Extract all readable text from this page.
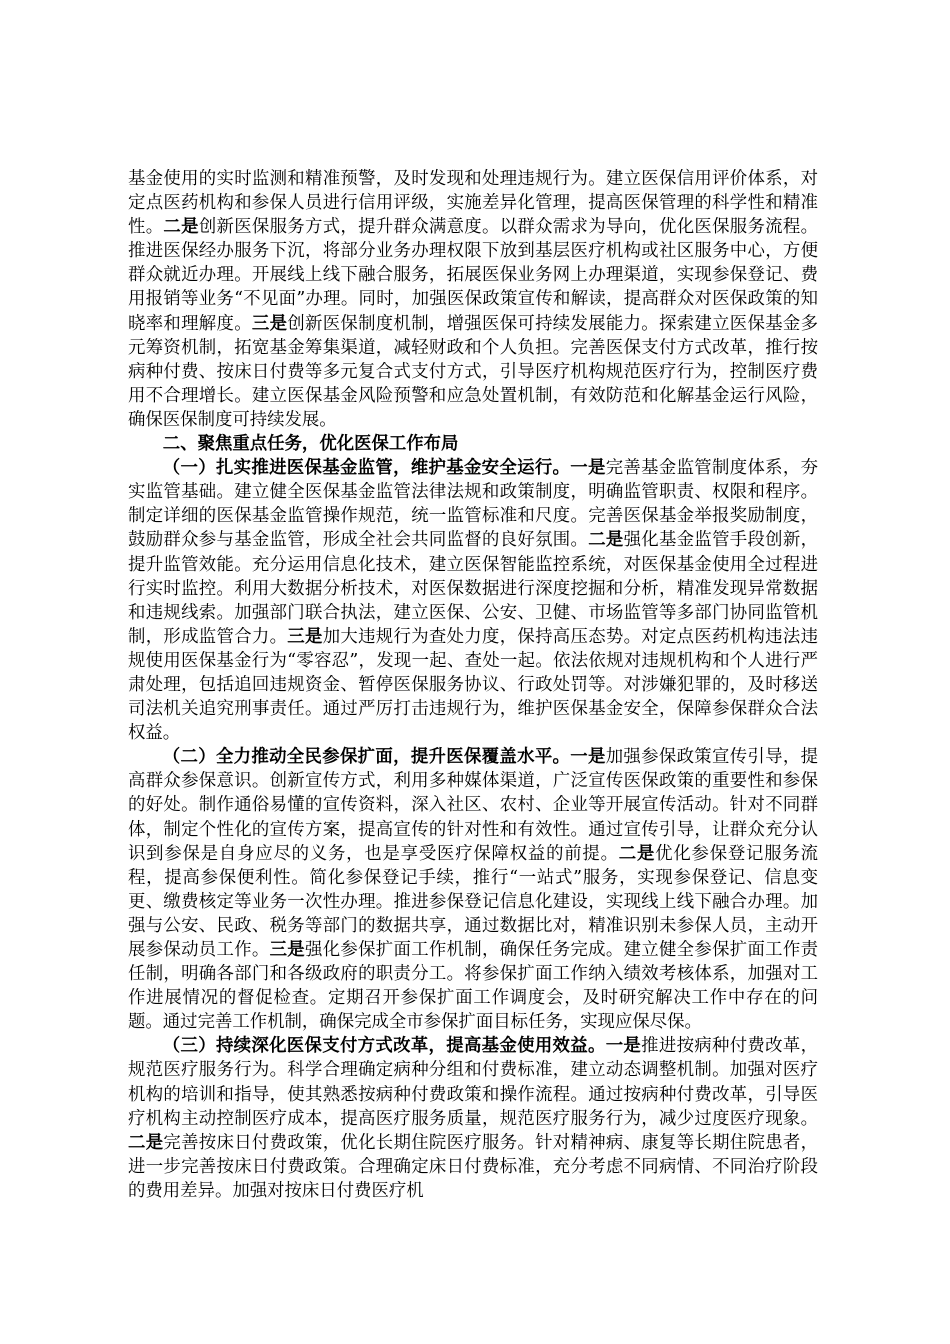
基金使用的实时监测和精准预警，及时发现和处理违规行为。建立医保信用评价体系，对定点医药机构和参保人员进行信用评级，实施差异化管理，提高医保管理的科学性和精准性。二是创新医保服务方式，提升群众满意度。以群众需求为导向，优化医保服务流程。推进医保经办服务下沉，将部分业务办理权限下放到基层医疗机构或社区服务中心，方便群众就近办理。开展线上线下融合服务，拓展医保业务网上办理渠道，实现参保登记、费用报销等业务“不见面”办理。同时，加强医保政策宣传和解读，提高群众对医保政策的知晓率和理解度。三是创新医保制度机制，增强医保可持续发展能力。探索建立医保基金多元筹资机制，拓宽基金筹集渠道，减轻财政和个人负担。完善医保支付方式改革，推行按病种付费、按床日付费等多元复合式支付方式，引导医疗机构规范医疗行为，控制医疗费用不合理增长。建立医保基金风险预警和应急处置机制，有效防范和化解基金运行风险，确保医保制度可持续发展。

二、聚焦重点任务，优化医保工作布局

（一）扎实推进医保基金监管，维护基金安全运行。一是完善基金监管制度体系，夯实监管基础。建立健全医保基金监管法律法规和政策制度，明确监管职责、权限和程序。制定详细的医保基金监管操作规范，统一监管标准和尺度。完善医保基金举报奖励制度，鼓励群众参与基金监管，形成全社会共同监督的良好氛围。二是强化基金监管手段创新，提升监管效能。充分运用信息化技术，建立医保智能监控系统，对医保基金使用全过程进行实时监控。利用大数据分析技术，对医保数据进行深度挖掘和分析，精准发现异常数据和违规线索。加强部门联合执法，建立医保、公安、卫健、市场监管等多部门协同监管机制，形成监管合力。三是加大违规行为查处力度，保持高压态势。对定点医药机构违法违规使用医保基金行为“零容忍”，发现一起、查处一起。依法依规对违规机构和个人进行严肃处理，包括追回违规资金、暂停医保服务协议、行政处罚等。对涉嫌犯罪的，及时移送司法机关追究刑事责任。通过严厉打击违规行为，维护医保基金安全，保障参保群众合法权益。

（二）全力推动全民参保扩面，提升医保覆盖水平。一是加强参保政策宣传引导，提高群众参保意识。创新宣传方式，利用多种媒体渠道，广泛宣传医保政策的重要性和参保的好处。制作通俗易懂的宣传资料，深入社区、农村、企业等开展宣传活动。针对不同群体，制定个性化的宣传方案，提高宣传的针对性和有效性。通过宣传引导，让群众充分认识到参保是自身应尽的义务，也是享受医疗保障权益的前提。二是优化参保登记服务流程，提高参保便利性。简化参保登记手续，推行“一站式”服务，实现参保登记、信息变更、缴费核定等业务一次性办理。推进参保登记信息化建设，实现线上线下融合办理。加强与公安、民政、税务等部门的数据共享，通过数据比对，精准识别未参保人员，主动开展参保动员工作。三是强化参保扩面工作机制，确保任务完成。建立健全参保扩面工作责任制，明确各部门和各级政府的职责分工。将参保扩面工作纳入绩效考核体系，加强对工作进展情况的督促检查。定期召开参保扩面工作调度会，及时研究解决工作中存在的问题。通过完善工作机制，确保完成全市参保扩面目标任务，实现应保尽保。

（三）持续深化医保支付方式改革，提高基金使用效益。一是推进按病种付费改革，规范医疗服务行为。科学合理确定病种分组和付费标准，建立动态调整机制。加强对医疗机构的培训和指导，使其熟悉按病种付费政策和操作流程。通过按病种付费改革，引导医疗机构主动控制医疗成本，提高医疗服务质量，规范医疗服务行为，减少过度医疗现象。二是完善按床日付费政策，优化长期住院医疗服务。针对精神病、康复等长期住院患者，进一步完善按床日付费政策。合理确定床日付费标准，充分考虑不同病情、不同治疗阶段的费用差异。加强对按床日付费医疗机
